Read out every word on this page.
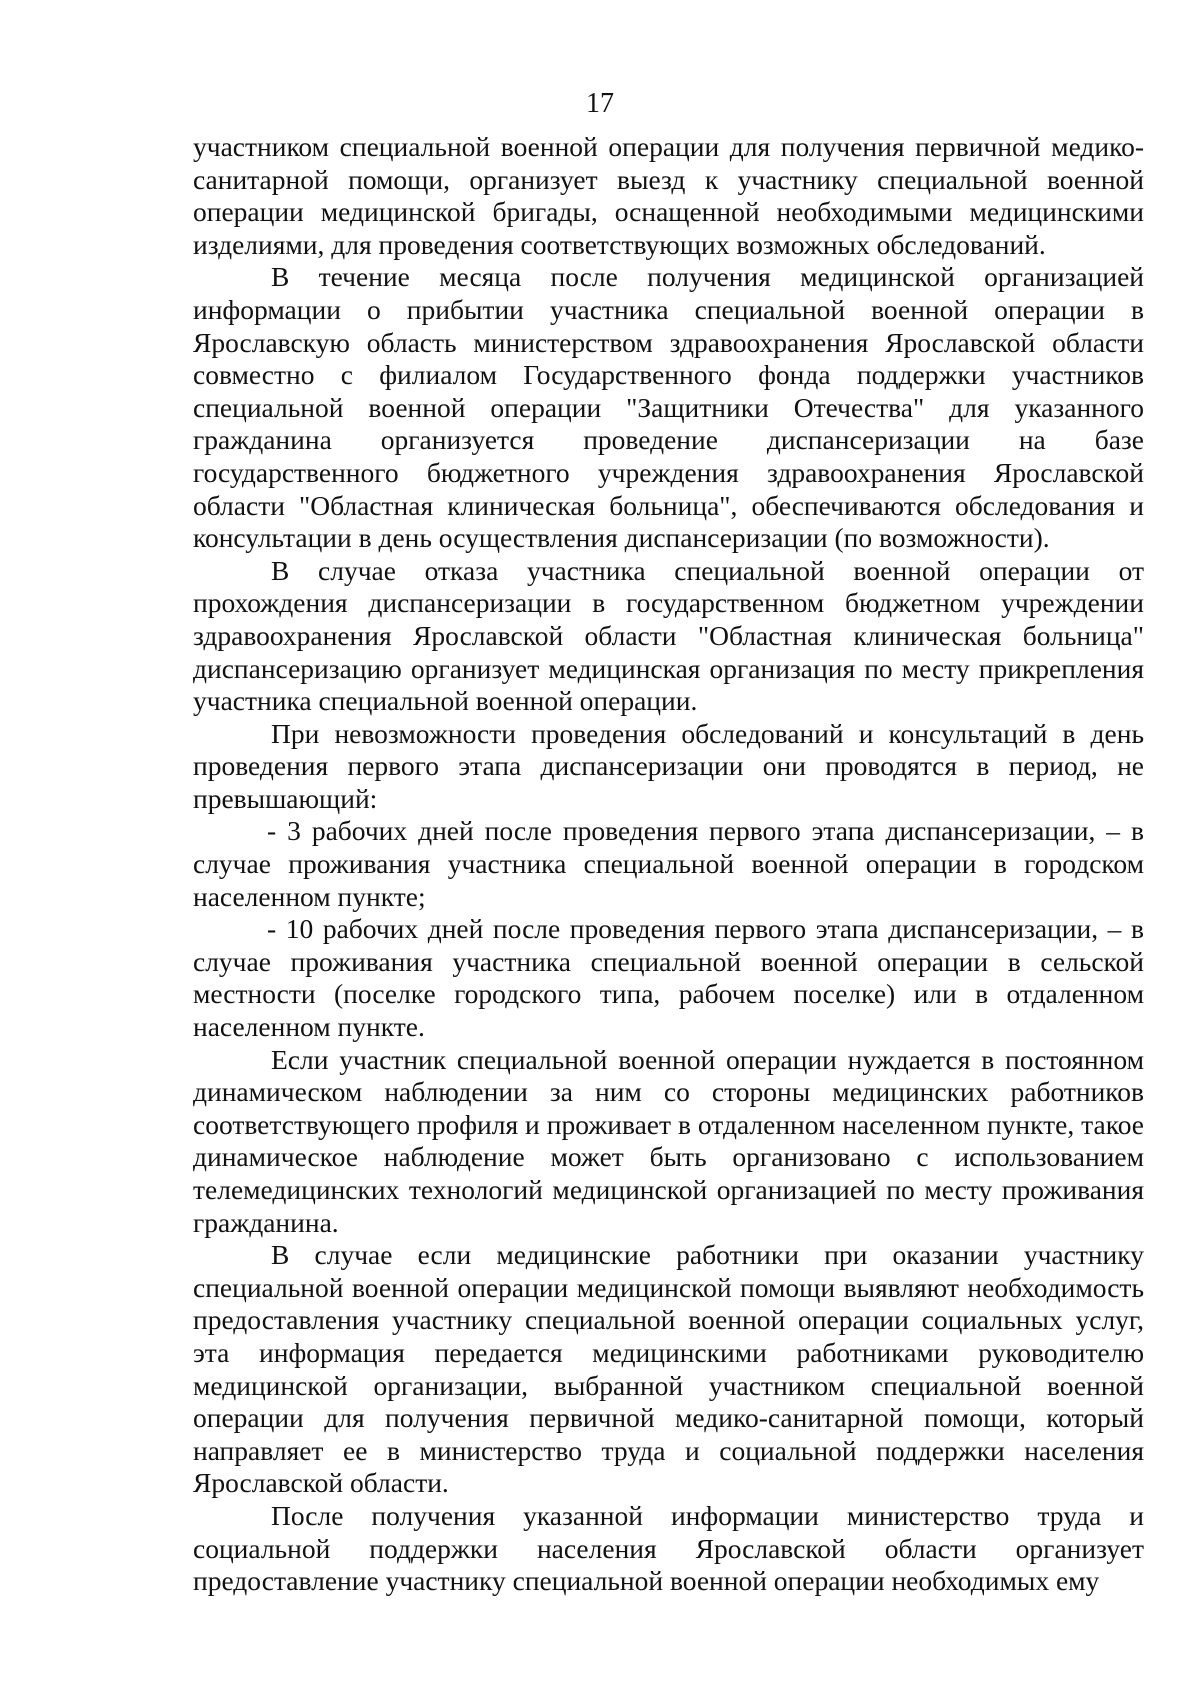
17

участником специальной военной операции для получения первичной медико-санитарной помощи, организует выезд к участнику специальной военной операции медицинской бригады, оснащенной необходимыми медицинскими изделиями, для проведения соответствующих возможных обследований.

В течение месяца после получения медицинской организацией информации о прибытии участника специальной военной операции в Ярославскую область министерством здравоохранения Ярославской области совместно с филиалом Государственного фонда поддержки участников специальной военной операции "Защитники Отечества" для указанного гражданина организуется проведение диспансеризации на базе государственного бюджетного учреждения здравоохранения Ярославской области "Областная клиническая больница", обеспечиваются обследования и консультации в день осуществления диспансеризации (по возможности).

В случае отказа участника специальной военной операции от прохождения диспансеризации в государственном бюджетном учреждении здравоохранения Ярославской области "Областная клиническая больница" диспансеризацию организует медицинская организация по месту прикрепления участника специальной военной операции.

При невозможности проведения обследований и консультаций в день проведения первого этапа диспансеризации они проводятся в период, не превышающий:

- 3 рабочих дней после проведения первого этапа диспансеризации, – в случае проживания участника специальной военной операции в городском населенном пункте;

- 10 рабочих дней после проведения первого этапа диспансеризации, – в случае проживания участника специальной военной операции в сельской местности (поселке городского типа, рабочем поселке) или в отдаленном населенном пункте.

Если участник специальной военной операции нуждается в постоянном динамическом наблюдении за ним со стороны медицинских работников соответствующего профиля и проживает в отдаленном населенном пункте, такое динамическое наблюдение может быть организовано с использованием телемедицинских технологий медицинской организацией по месту проживания гражданина.

В случае если медицинские работники при оказании участнику специальной военной операции медицинской помощи выявляют необходимость предоставления участнику специальной военной операции социальных услуг, эта информация передается медицинскими работниками руководителю медицинской организации, выбранной участником специальной военной операции для получения первичной медико-санитарной помощи, который направляет ее в министерство труда и социальной поддержки населения Ярославской области.

После получения указанной информации министерство труда и социальной поддержки населения Ярославской области организует предоставление участнику специальной военной операции необходимых ему
